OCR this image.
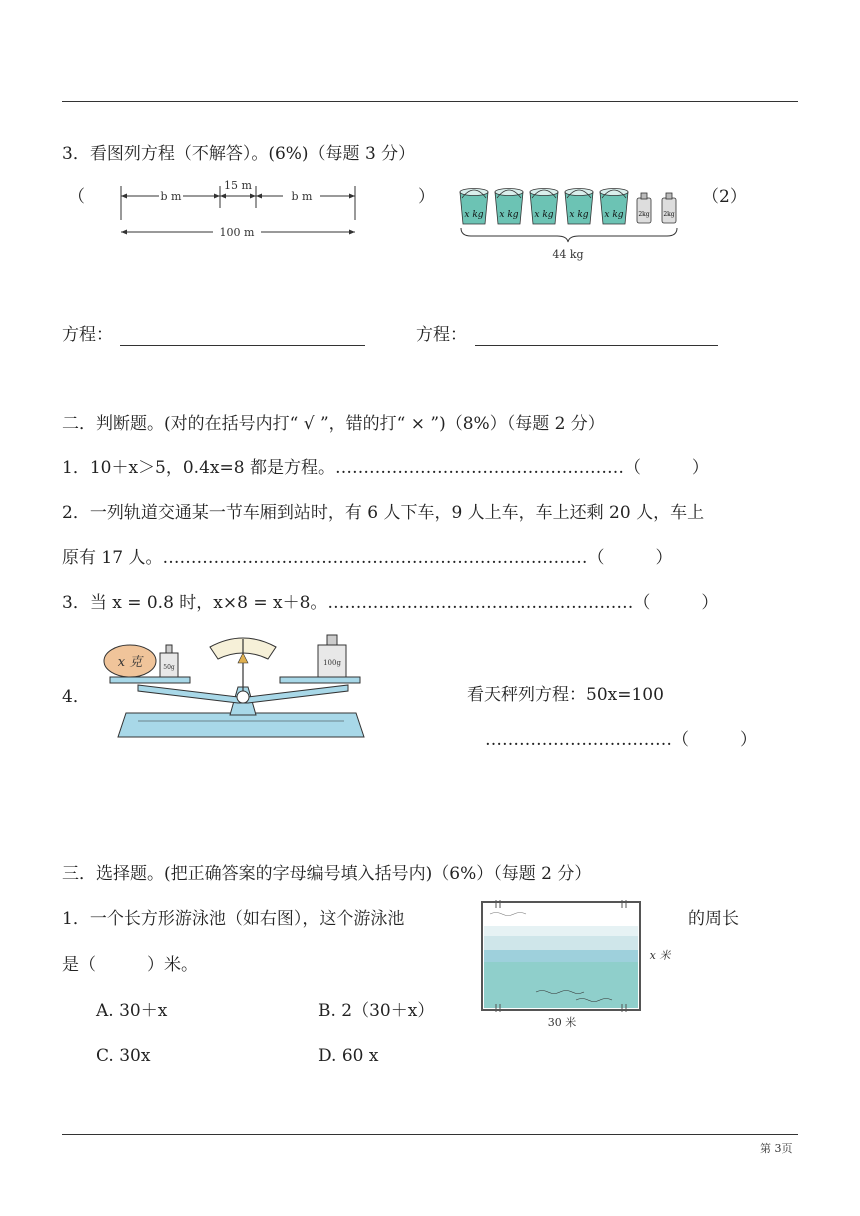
3．看图列方程（不解答）。(6%)（每题 3 分）
（	b m
15 m
b m
100 m
）
x kg x kg x kg x kg x kg 2kg 2kg
44 kg
（2）
方程：	方程：
二．判断题。(对的在括号内打“ √ ”，错的打“ × ”)（8%）（每题 2 分）
1．10＋x＞5，0.4x=8 都是方程。……………………………………………（　　　）
2．一列轨道交通某一节车厢到站时，有 6 人下车，9 人上车，车上还剩 20 人，车上
原有 17 人。…………………………………………………………………（　　　）
3．当 x = 0.8 时，x×8 = x＋8。………………………………………………（　　　）
4．
x 克	50g
100g
看天秤列方程：50x=100
……………………………（　　　）
三．选择题。(把正确答案的字母编号填入括号内)（6%）（每题 2 分）
1．一个长方形游泳池（如右图），这个游泳池	的周长
是（　　　）米。	x 米
30 米
A. 30＋x	B. 2（30＋x）
C. 30x	D. 60 x
第 3页
